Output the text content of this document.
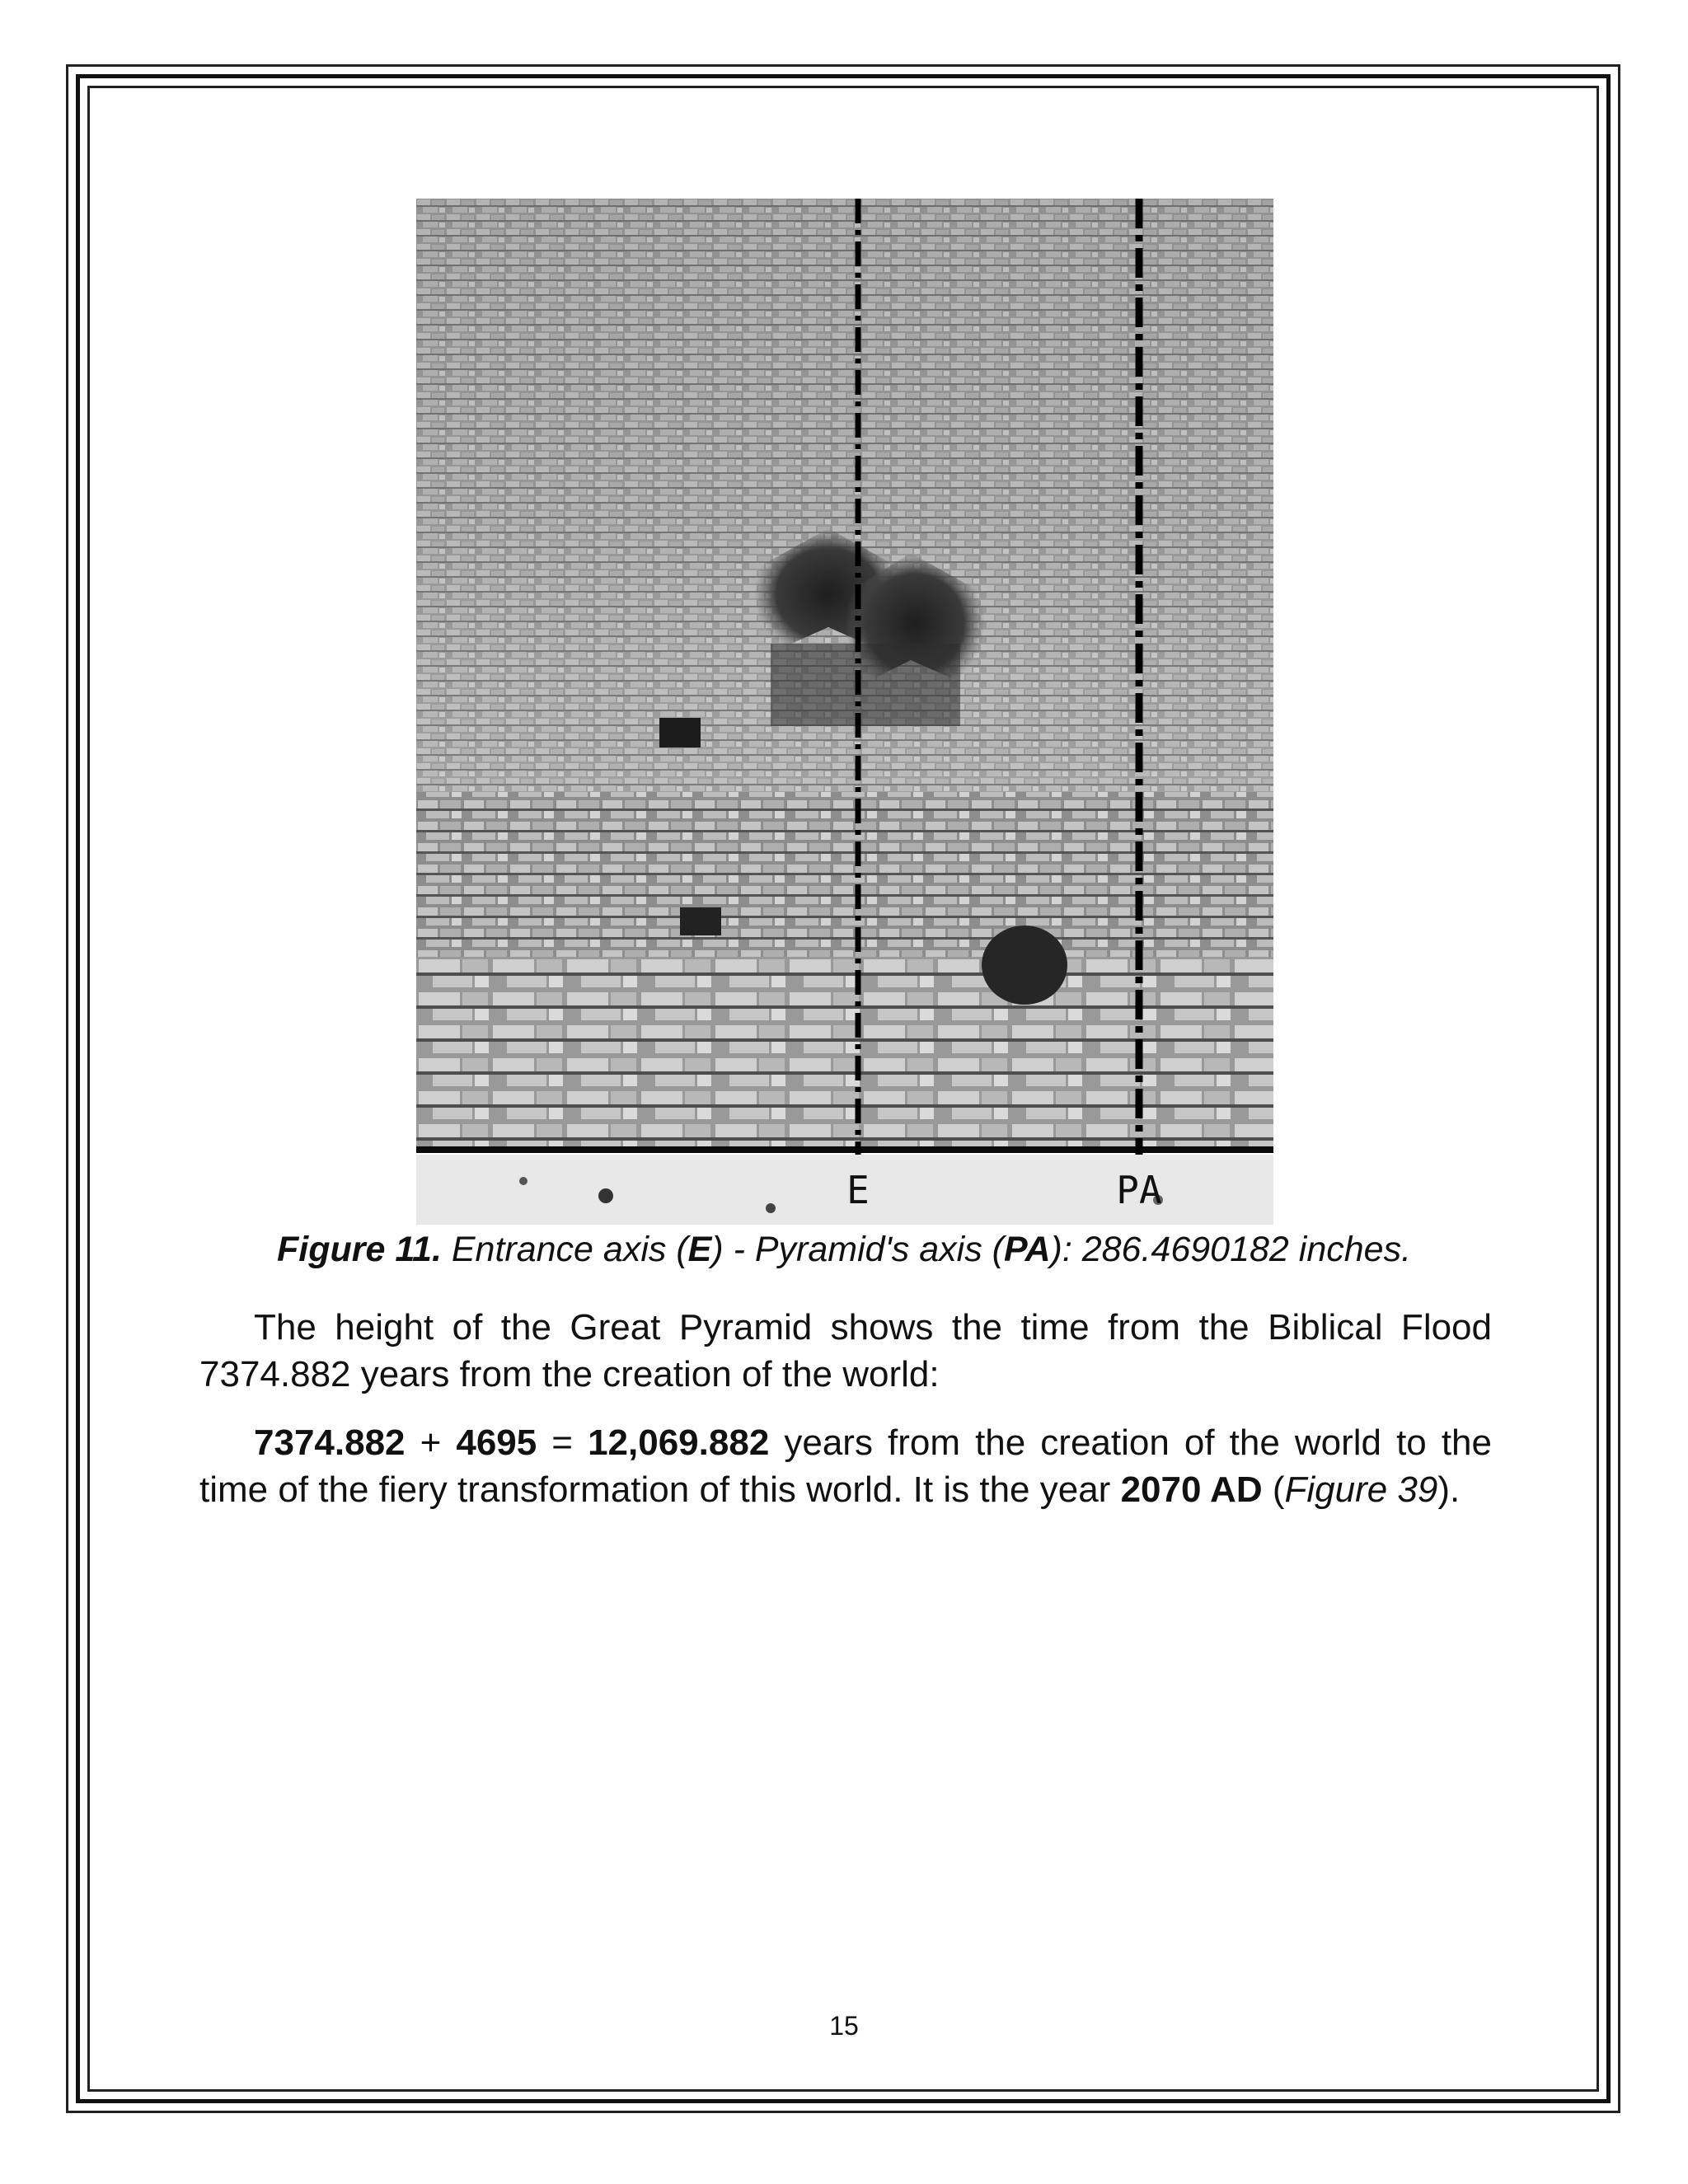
E	PA
Figure 11. Entrance axis (E) - Pyramid's axis (PA): 286.4690182 inches.
The height of the Great Pyramid shows the time from the Biblical Flood 7374.882 years from the creation of the world:
7374.882 + 4695 = 12,069.882 years from the creation of the world to the time of the fiery transformation of this world. It is the year 2070 AD (Figure 39).
15
